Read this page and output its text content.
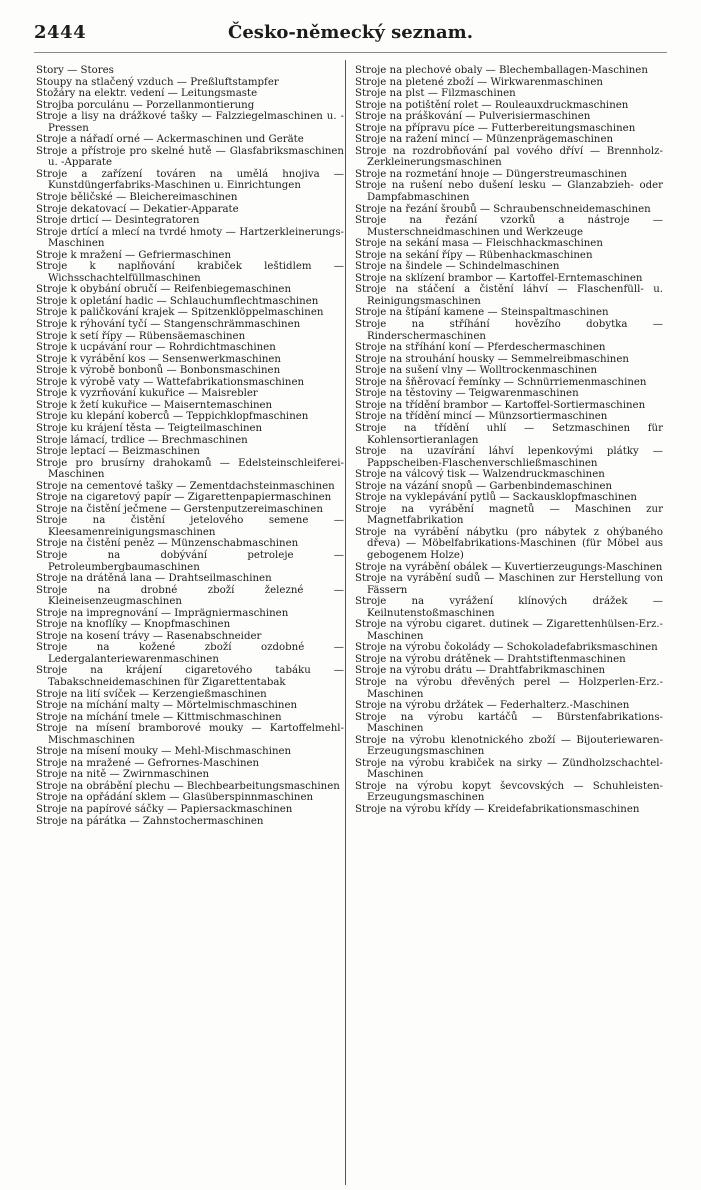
2444	Česko-německý seznam.

Story — Stores

Stoupy na stlačený vzduch — Preßluftstampfer

Stožáry na elektr. vedení — Leitungsmaste

Strojba porculánu — Porzellanmontierung

Stroje a lisy na drážkové tašky — Falzziegelmaschinen u. -Pressen

Stroje a nářadí orné — Ackermaschinen und Geräte

Stroje a přístroje pro skelné hutě — Glasfabriksmaschinen u. -Apparate

Stroje a zařízení továren na umělá hnojiva — Kunstdüngerfabriks-Maschinen u. Einrichtungen

Stroje běličské — Bleichereimaschinen

Stroje dekatovací — Dekatier-Apparate

Stroje drticí — Desintegratoren

Stroje drtící a mlecí na tvrdé hmoty — Hartzerkleinerungs-Maschinen

Stroje k mražení — Gefriermaschinen

Stroje k naplňování krabiček leštidlem — Wichsschachtelfüllmaschinen

Stroje k obybání obručí — Reifenbiegemaschinen

Stroje k opletání hadic — Schlauchumflechtmaschinen

Stroje k paličkování krajek — Spitzenklöppelmaschinen

Stroje k rýhování tyčí — Stangenschrämmaschinen

Stroje k setí řípy — Rübensäemaschinen

Stroje k ucpávání rour — Rohrdichtmaschinen

Stroje k vyrábění kos — Sensenwerkmaschinen

Stroje k výrobě bonbonů — Bonbonsmaschinen

Stroje k výrobě vaty — Wattefabrikationsmaschinen

Stroje k vyzrňování kukuřice — Maisrebler

Stroje k žetí kukuřice — Maiserntemaschinen

Stroje ku klepání koberců — Teppichklopfmaschinen

Stroje ku krájení těsta — Teigteilmaschinen

Stroje lámací, trdlice — Brechmaschinen

Stroje leptací — Beizmaschinen

Stroje pro brusírny drahokamů — Edelsteinschleiferei-Maschinen

Stroje na cementové tašky — Zementdachsteinmaschinen

Stroje na cigaretový papír — Zigarettenpapiermaschinen

Stroje na čistění ječmene — Gerstenputzereimaschinen

Stroje na čistění jetelového semene — Kleesamenreinigungsmaschinen

Stroje na čistění peněz — Münzenschabmaschinen

Stroje na dobývání petroleje — Petroleumbergbaumaschinen

Stroje na drátěná lana — Drahtseilmaschinen

Stroje na drobné zboží železné — Kleineisenzeugmaschinen

Stroje na impregnování — Imprägniermaschinen

Stroje na knoflíky — Knopfmaschinen

Stroje na kosení trávy — Rasenabschneider

Stroje na kožené zboží ozdobné — Ledergalanteriewarenmaschinen

Stroje na krájení cigaretového tabáku — Tabakschneidemaschinen für Zigarettentabak

Stroje na lití svíček — Kerzengießmaschinen

Stroje na míchání malty — Mörtelmischmaschinen

Stroje na míchání tmele — Kittmischmaschinen

Stroje na mísení bramborové mouky — Kartoffelmehl-Mischmaschinen

Stroje na mísení mouky — Mehl-Mischmaschinen

Stroje na mražené — Gefrornes-Maschinen

Stroje na nitě — Zwirnmaschinen

Stroje na obrábění plechu — Blechbearbeitungsmaschinen

Stroje na opřádání sklem — Glasüberspinnmaschinen

Stroje na papírové sáčky — Papiersackmaschinen

Stroje na párátka — Zahnstochermaschinen

Stroje na plechové obaly — Blechemballagen-Maschinen

Stroje na pletené zboží — Wirkwarenmaschinen

Stroje na plst — Filzmaschinen

Stroje na potištění rolet — Rouleauxdruckmaschinen

Stroje na práškování — Pulverisiermaschinen

Stroje na přípravu píce — Futterbereitungsmaschinen

Stroje na ražení mincí — Münzenprägemaschinen

Stroje na rozdrobňování pal vového dříví — Brennholz-Zerkleinerungsmaschinen

Stroje na rozmetání hnoje — Düngerstreumaschinen

Stroje na rušení nebo dušení lesku — Glanzabzieh- oder Dampfabmaschinen

Stroje na řezání šroubů — Schraubenschneidemaschinen

Stroje na řezání vzorků a nástroje — Musterschneidmaschinen und Werkzeuge

Stroje na sekání masa — Fleischhackmaschinen

Stroje na sekání řípy — Rübenhackmaschinen

Stroje na šindele — Schindelmaschinen

Stroje na sklízení brambor — Kartoffel-Erntemaschinen

Stroje na stáčení a čistění láhví — Flaschenfüll- u. Reinigungsmaschinen

Stroje na štípání kamene — Steinspaltmaschinen

Stroje na stříhání hovězího dobytka — Rinderschermaschinen

Stroje na stříhání koní — Pferdeschermaschinen

Stroje na strouhání housky — Semmelreibmaschinen

Stroje na sušení vlny — Wolltrockenmaschinen

Stroje na šňěrovací řemínky — Schnürriemenmaschinen

Stroje na těstoviny — Teigwarenmaschinen

Stroje na třídění brambor — Kartoffel-Sortiermaschinen

Stroje na třídění mincí — Münzsortiermaschinen

Stroje na třídění uhlí — Setzmaschinen für Kohlensortieranlagen

Stroje na uzavírání láhví lepenkovými plátky — Pappscheiben-Flaschenverschließmaschinen

Stroje na válcový tisk — Walzendruckmaschinen

Stroje na vázání snopů — Garbenbindemaschinen

Stroje na vyklepávání pytlů — Sackausklopfmaschinen

Stroje na vyrábění magnetů — Maschinen zur Magnetfabrikation

Stroje na vyrábění nábytku (pro nábytek z ohýbaného dřeva) — Möbelfabrikations-Maschinen (für Möbel aus gebogenem Holze)

Stroje na vyrábění obálek — Kuvertierzeugungs-Maschinen

Stroje na vyrábění sudů — Maschinen zur Herstellung von Fässern

Stroje na vyrážení klínových drážek — Keilnutenstoßmaschinen

Stroje na výrobu cigaret. dutinek — Zigarettenhülsen-Erz.-Maschinen

Stroje na výrobu čokolády — Schokoladefabriksmaschinen

Stroje na výrobu drátěnek — Drahtstiftenmaschinen

Stroje na výrobu drátu — Drahtfabrikmaschinen

Stroje na výrobu dřevěných perel — Holzperlen-Erz.-Maschinen

Stroje na výrobu držátek — Federhalterz.-Maschinen

Stroje na výrobu kartáčů — Bürstenfabrikations-Maschinen

Stroje na výrobu klenotnického zboží — Bijouteriewaren-Erzeugungsmaschinen

Stroje na výrobu krabiček na sirky — Zündholzschachtel-Maschinen

Stroje na výrobu kopyt ševcovských — Schuhleisten-Erzeugungsmaschinen

Stroje na výrobu křídy — Kreidefabrikationsmaschinen
